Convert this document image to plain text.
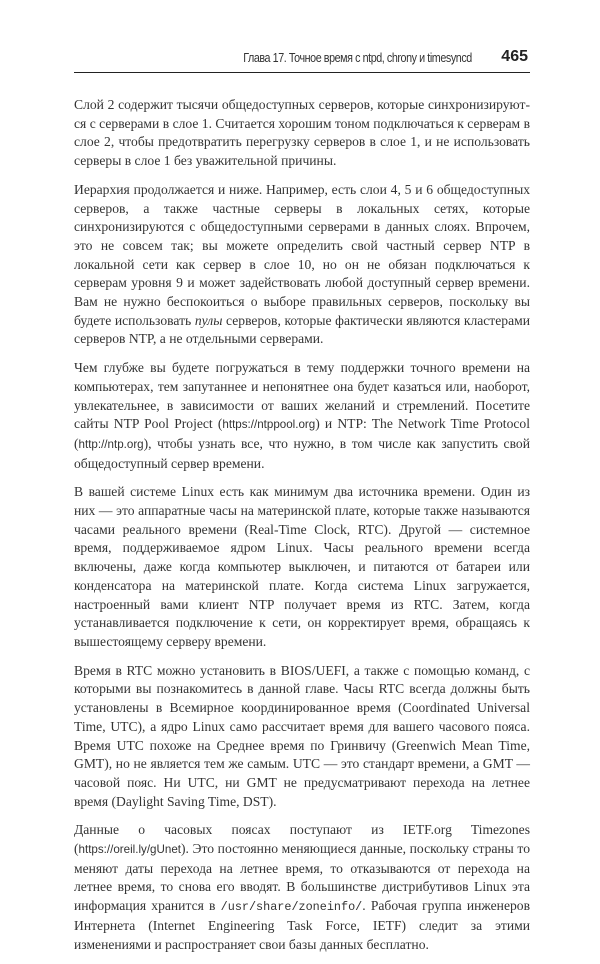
Глава 17. Точное время с ntpd, chrony и timesyncd 465

Слой 2 содержит тысячи общедоступных серверов, которые синхронизируются с серверами в слое 1. Считается хорошим тоном подключаться к серверам в слое 2, чтобы предотвратить перегрузку серверов в слое 1, и не использовать серверы в слое 1 без уважительной причины.

Иерархия продолжается и ниже. Например, есть слои 4, 5 и 6 общедоступных серверов, а также частные серверы в локальных сетях, которые синхронизируются с общедоступными серверами в данных слоях. Впрочем, это не совсем так; вы можете определить свой частный сервер NTP в локальной сети как сервер в слое 10, но он не обязан подключаться к серверам уровня 9 и может задействовать любой доступный сервер времени. Вам не нужно беспокоиться о выборе правильных серверов, поскольку вы будете использовать пулы серверов, которые фактически являются кластерами серверов NTP, а не отдельными серверами.

Чем глубже вы будете погружаться в тему поддержки точного времени на компьютерах, тем запутаннее и непонятнее она будет казаться или, наоборот, увлекательнее, в зависимости от ваших желаний и стремлений. Посетите сайты NTP Pool Project (https://ntppool.org) и NTP: The Network Time Protocol (http://ntp.org), чтобы узнать все, что нужно, в том числе как запустить свой общедоступный сервер времени.

В вашей системе Linux есть как минимум два источника времени. Один из них — это аппаратные часы на материнской плате, которые также называются часами реального времени (Real-Time Clock, RTC). Другой — системное время, поддерживаемое ядром Linux. Часы реального времени всегда включены, даже когда компьютер выключен, и питаются от батареи или конденсатора на материнской плате. Когда система Linux загружается, настроенный вами клиент NTP получает время из RTC. Затем, когда устанавливается подключение к сети, он корректирует время, обращаясь к вышестоящему серверу времени.

Время в RTC можно установить в BIOS/UEFI, а также с помощью команд, с которыми вы познакомитесь в данной главе. Часы RTC всегда должны быть установлены в Всемирное координированное время (Coordinated Universal Time, UTC), а ядро Linux само рассчитает время для вашего часового пояса. Время UTC похоже на Среднее время по Гринвичу (Greenwich Mean Time, GMT), но не является тем же самым. UTC — это стандарт времени, а GMT — часовой пояс. Ни UTC, ни GMT не предусматривают перехода на летнее время (Daylight Saving Time, DST).

Данные о часовых поясах поступают из IETF.org Timezones (https://oreil.ly/gUnet). Это постоянно меняющиеся данные, поскольку страны то меняют даты перехода на летнее время, то отказываются от перехода на летнее время, то снова его вводят. В большинстве дистрибутивов Linux эта информация хранится в /usr/share/zoneinfo/. Рабочая группа инженеров Интернета (Internet Engineering Task Force, IETF) следит за этими изменениями и распространяет свои базы данных бесплатно.
